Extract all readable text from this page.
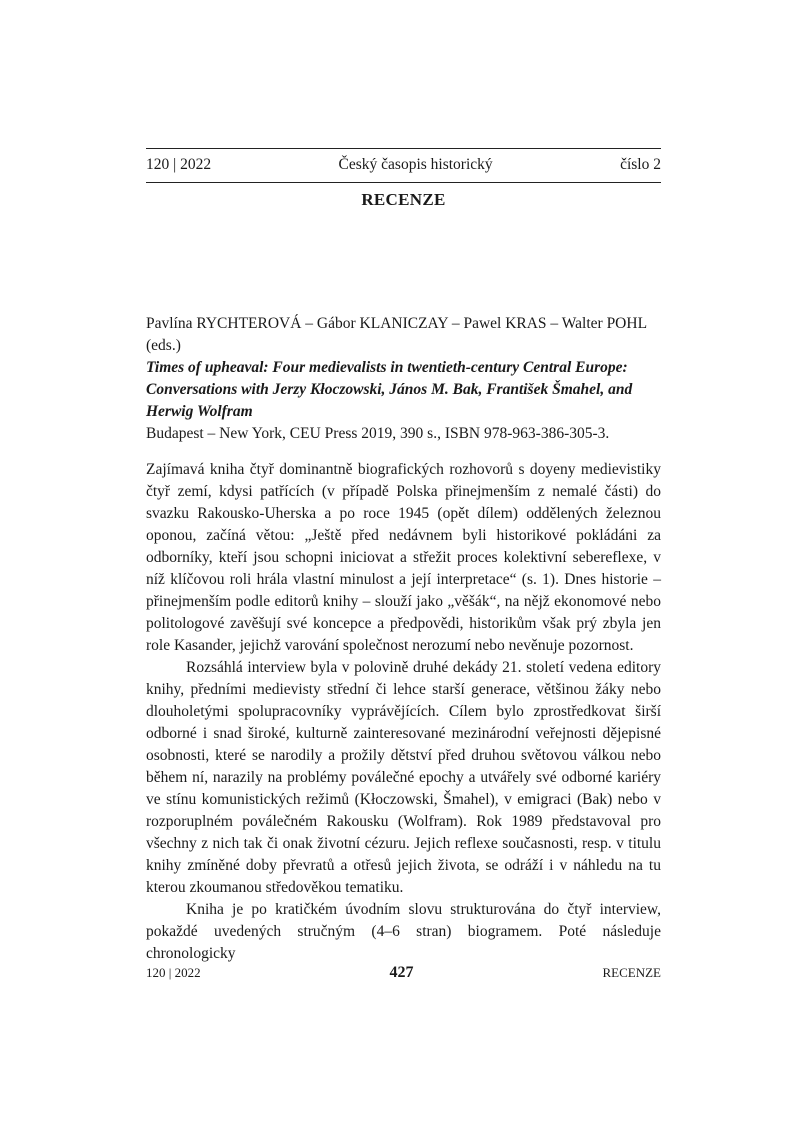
120 | 2022	Český časopis historický	číslo 2
RECENZE
Pavlína RYCHTEROVÁ – Gábor KLANICZAY – Pawel KRAS – Walter POHL (eds.)
Times of upheaval: Four medievalists in twentieth-century Central Europe: Conversations with Jerzy Kłoczowski, János M. Bak, František Šmahel, and Herwig Wolfram
Budapest – New York, CEU Press 2019, 390 s., ISBN 978-963-386-305-3.

Zajímavá kniha čtyř dominantně biografických rozhovorů s doyeny medievistiky čtyř zemí, kdysi patřících (v případě Polska přinejmenším z nemalé části) do svazku Rakousko-Uherska a po roce 1945 (opět dílem) oddělených železnou oponou, začíná větou: „Ještě před nedávnem byli historikové pokládáni za odborníky, kteří jsou schopni iniciovat a střežit proces kolektivní sebereflexe, v níž klíčovou roli hrála vlastní minulost a její interpretace“ (s. 1). Dnes historie – přinejmenším podle editorů knihy – slouží jako „věšák“, na nějž ekonomové nebo politologové zavěšují své koncepce a předpovědi, historikům však prý zbyla jen role Kasander, jejichž varování společnost nerozumí nebo nevěnuje pozornost.

Rozsáhlá interview byla v polovině druhé dekády 21. století vedena editory knihy, předními medievisty střední či lehce starší generace, většinou žáky nebo dlouholetými spolupracovníky vyprávějících. Cílem bylo zprostředkovat širší odborné i snad široké, kulturně zainteresované mezinárodní veřejnosti dějepisné osobnosti, které se narodily a prožily dětství před druhou světovou válkou nebo během ní, narazily na problémy poválečné epochy a utvářely své odborné kariéry ve stínu komunistických režimů (Kłoczowski, Šmahel), v emigraci (Bak) nebo v rozporuplném poválečném Rakousku (Wolfram). Rok 1989 představoval pro všechny z nich tak či onak životní cézuru. Jejich reflexe současnosti, resp. v titulu knihy zmíněné doby převratů a otřesů jejich života, se odráží i v náhledu na tu kterou zkoumanou středověkou tematiku.

Kniha je po kratičkém úvodním slovu strukturována do čtyř interview, pokaždé uvedených stručným (4–6 stran) biogramem. Poté následuje chronologicky

120 | 2022	427	RECENZE
